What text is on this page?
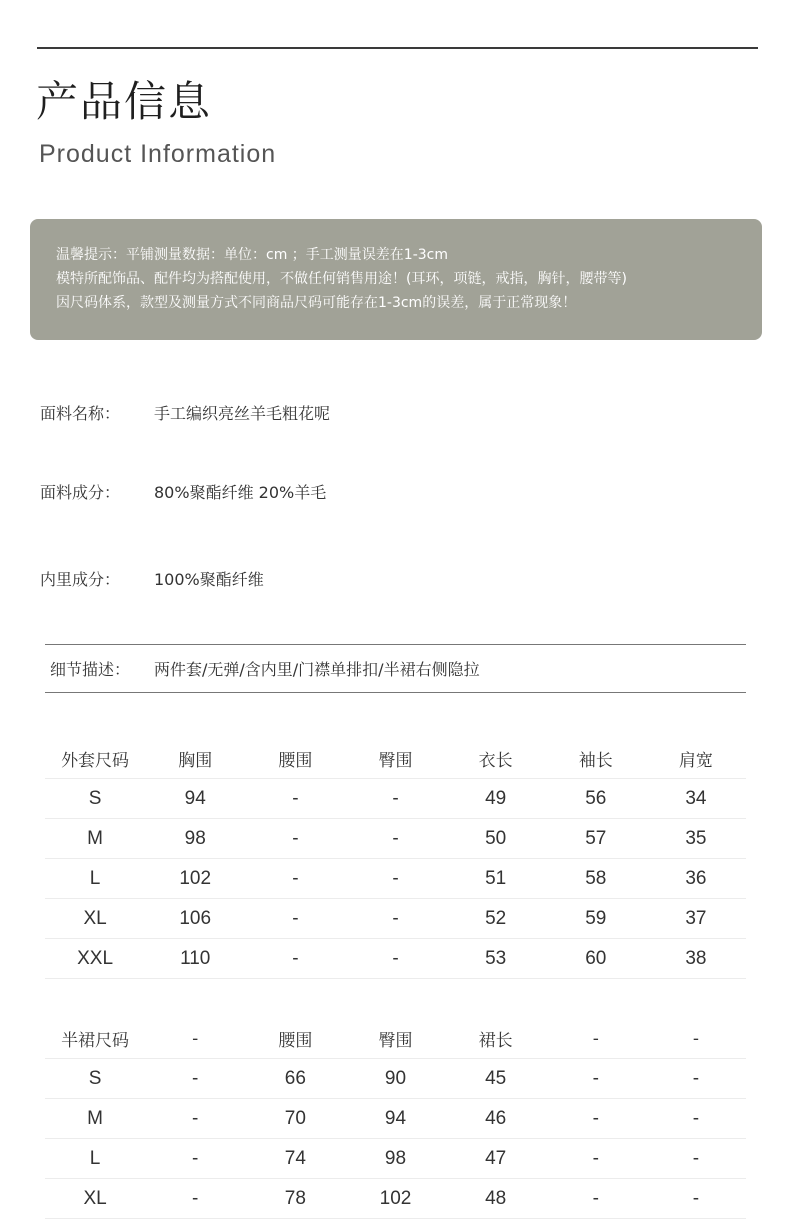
产品信息
Product Information
温馨提示：平铺测量数据：单位：cm ；手工测量误差在1-3cm
模特所配饰品、配件均为搭配使用，不做任何销售用途！(耳环，项链，戒指，胸针，腰带等)
因尺码体系，款型及测量方式不同商品尺码可能存在1-3cm的误差，属于正常现象！
面料名称： 手工编织亮丝羊毛粗花呢
面料成分： 80%聚酯纤维 20%羊毛
内里成分： 100%聚酯纤维
细节描述： 两件套/无弹/含内里/门襟单排扣/半裙右侧隐拉
外套尺码	胸围	腰围	臀围	衣长	袖长	肩宽
S	94	-	-	49	56	34
M	98	-	-	50	57	35
L	102	-	-	51	58	36
XL	106	-	-	52	59	37
XXL	110	-	-	53	60	38
半裙尺码	-	腰围	臀围	裙长	-	-
S	-	66	90	45	-	-
M	-	70	94	46	-	-
L	-	74	98	47	-	-
XL	-	78	102	48	-	-
